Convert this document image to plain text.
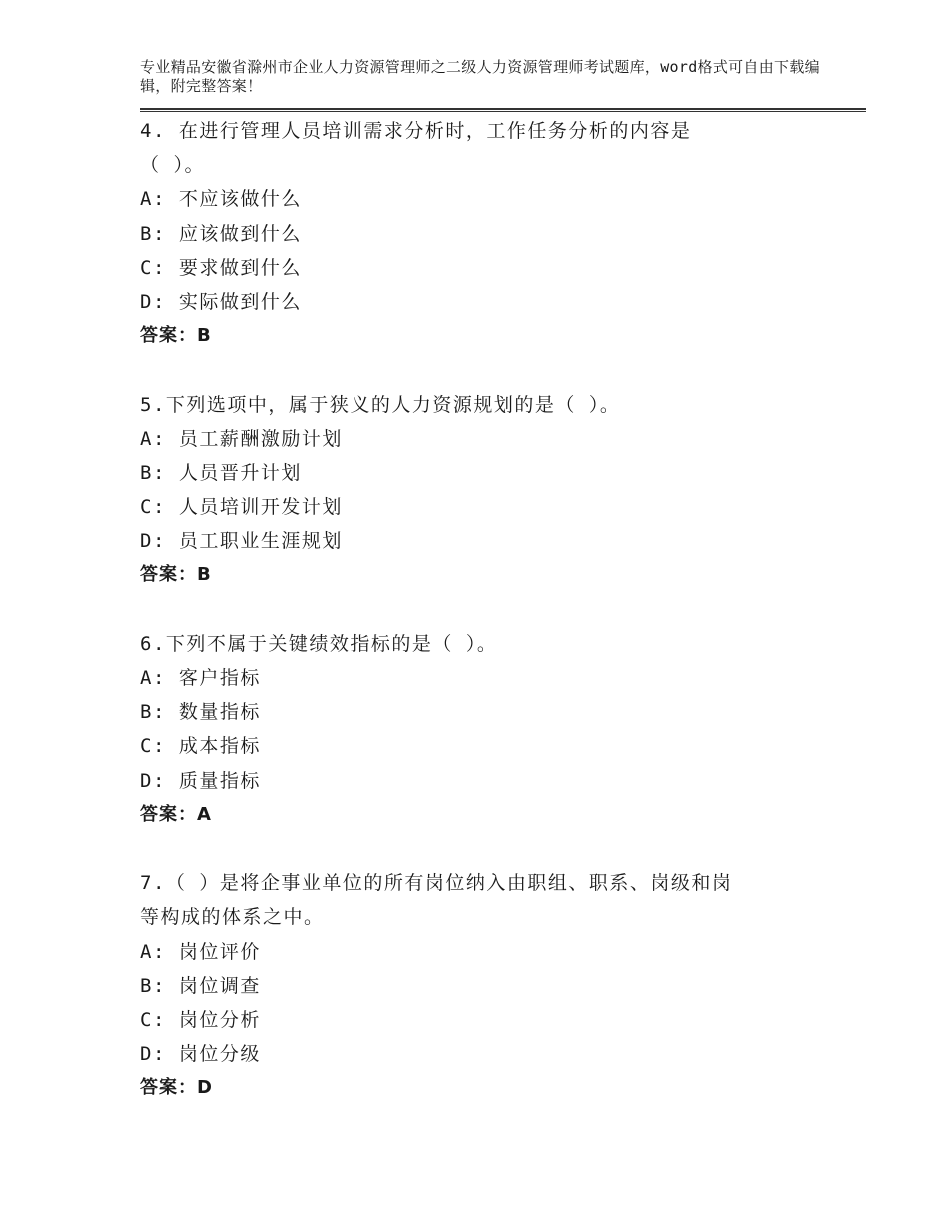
专业精品安徽省滁州市企业人力资源管理师之二级人力资源管理师考试题库，word格式可自由下载编辑，附完整答案！

4. 在进行管理人员培训需求分析时，工作任务分析的内容是
（ ）。
A: 不应该做什么
B: 应该做到什么
C: 要求做到什么
D: 实际做到什么
答案：B
5.下列选项中，属于狭义的人力资源规划的是（ ）。
A: 员工薪酬激励计划
B: 人员晋升计划
C: 人员培训开发计划
D: 员工职业生涯规划
答案：B
6.下列不属于关键绩效指标的是（ ）。
A: 客户指标
B: 数量指标
C: 成本指标
D: 质量指标
答案：A
7.（ ）是将企事业单位的所有岗位纳入由职组、职系、岗级和岗
等构成的体系之中。
A: 岗位评价
B: 岗位调查
C: 岗位分析
D: 岗位分级
答案：D
